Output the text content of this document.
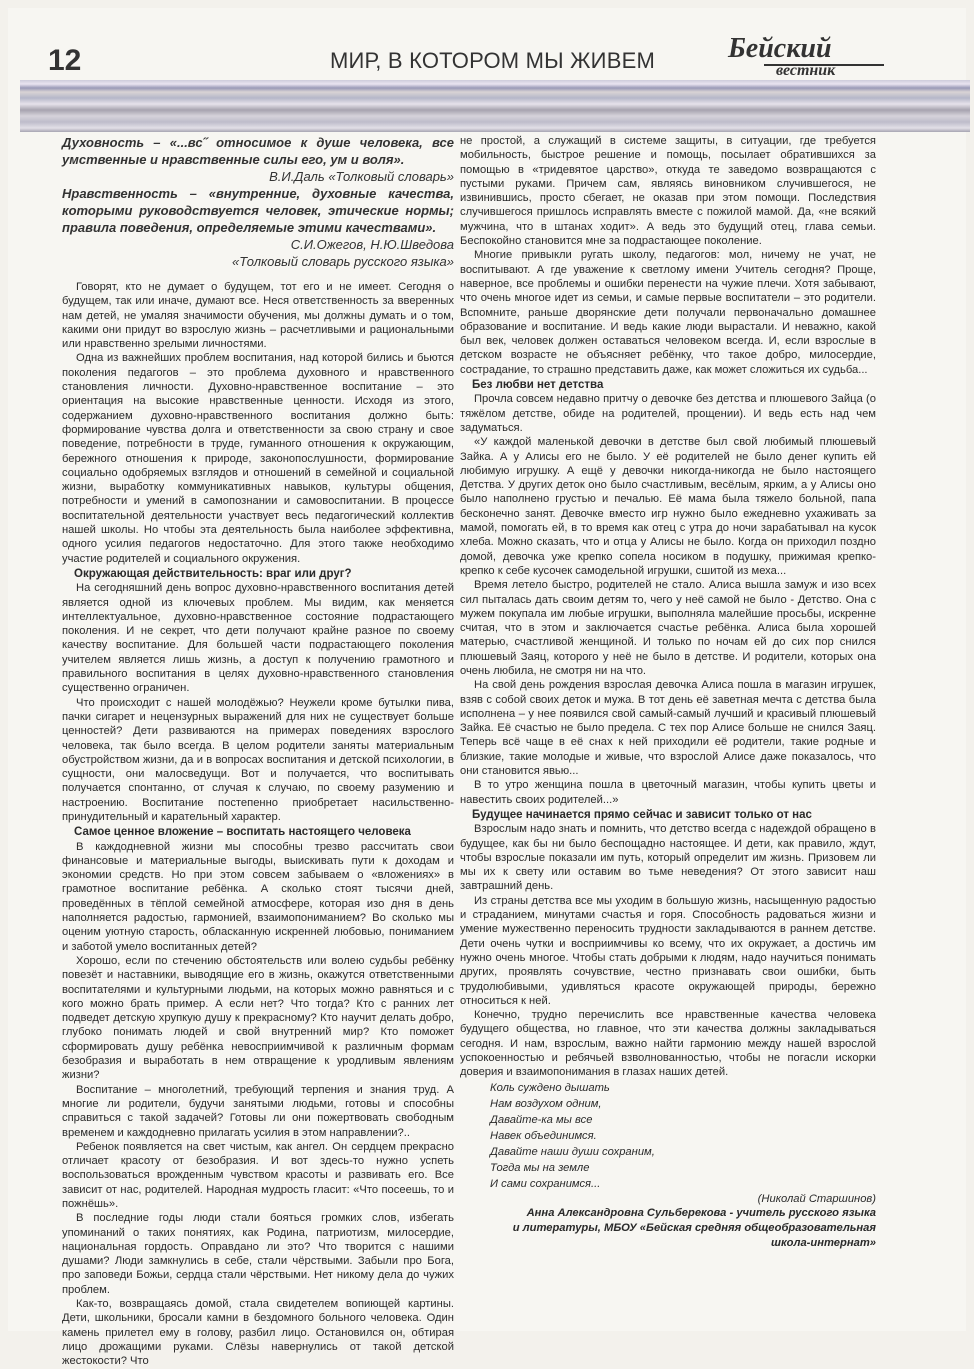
12	МИР, В КОТОРОМ МЫ ЖИВЕМ	Бейский
вестник
Духовность – «...вс˝ относимое к душе человека, все умственные и нравственные силы его, ум и воля».
В.И.Даль «Толковый словарь»
Нравственность – «внутренние, духовные качества, которыми руководствуется человек, этические нормы; правила поведения, определяемые этими качествами».
С.И.Ожегов, Н.Ю.Шведова
«Толковый словарь русского языка»

Говорят, кто не думает о будущем, тот его и не имеет. Сегодня о будущем, так или иначе, думают все. Неся ответственность за вверенных нам детей, не умаляя значимости обучения, мы должны думать и о том, какими они придут во взрослую жизнь – расчетливыми и рациональными или нравственно зрелыми личностями.

Одна из важнейших проблем воспитания, над которой бились и бьются поколения педагогов – это проблема духовного и нравственного становления личности. Духовно-нравственное воспитание – это ориентация на высокие нравственные ценности. Исходя из этого, содержанием духовно-нравственного воспитания должно быть: формирование чувства долга и ответственности за свою страну и свое поведение, потребности в труде, гуманного отношения к окружающим, бережного отношения к природе, законопослушности, формирование социально одобряемых взглядов и отношений в семейной и социальной жизни, выработку коммуникативных навыков, культуры общения, потребности и умений в самопознании и самовоспитании. В процессе воспитательной деятельности участвует весь педагогический коллектив нашей школы. Но чтобы эта деятельность была наиболее эффективна, одного усилия педагогов недостаточно. Для этого также необходимо участие родителей и социального окружения.

Окружающая действительность: враг или друг?

На сегодняшний день вопрос духовно-нравственного воспитания детей является одной из ключевых проблем. Мы видим, как меняется интеллектуальное, духовно-нравственное состояние подрастающего поколения. И не секрет, что дети получают крайне разное по своему качеству воспитание. Для большей части подрастающего поколения учителем является лишь жизнь, а доступ к получению грамотного и правильного воспитания в целях духовно-нравственного становления существенно ограничен.

Что происходит с нашей молодёжью? Неужели кроме бутылки пива, пачки сигарет и нецензурных выражений для них не существует больше ценностей? Дети развиваются на примерах поведениях взрослого человека, так было всегда. В целом родители заняты материальным обустройством жизни, да и в вопросах воспитания и детской психологии, в сущности, они малосведущи. Вот и получается, что воспитывать получается спонтанно, от случая к случаю, по своему разумению и настроению. Воспитание постепенно приобретает насильственно-принудительный и карательный характер.

Самое ценное вложение – воспитать настоящего человека

В каждодневной жизни мы способны трезво рассчитать свои финансовые и материальные выгоды, выискивать пути к доходам и экономии средств. Но при этом совсем забываем о «вложениях» в грамотное воспитание ребёнка. А сколько стоят тысячи дней, проведённых в тёплой семейной атмосфере, которая изо дня в день наполняется радостью, гармонией, взаимопониманием? Во сколько мы оценим уютную старость, обласканную искренней любовью, пониманием и заботой умело воспитанных детей?

Хорошо, если по стечению обстоятельств или волею судьбы ребёнку повезёт и наставники, выводящие его в жизнь, окажутся ответственными воспитателями и культурными людьми, на которых можно равняться и с кого можно брать пример. А если нет? Что тогда? Кто с ранних лет подведет детскую хрупкую душу к прекрасному? Кто научит делать добро, глубоко понимать людей и свой внутренний мир? Кто поможет сформировать душу ребёнка невосприимчивой к различным формам безобразия и выработать в нем отвращение к уродливым явлениям жизни?

Воспитание – многолетний, требующий терпения и знания труд. А многие ли родители, будучи занятыми людьми, готовы и способны справиться с такой задачей? Готовы ли они пожертвовать свободным временем и каждодневно прилагать усилия в этом направлении?..

Ребенок появляется на свет чистым, как ангел. Он сердцем прекрасно отличает красоту от безобразия. И вот здесь-то нужно успеть воспользоваться врожденным чувством красоты и развивать его. Все зависит от нас, родителей. Народная мудрость гласит: «Что посеешь, то и пожнёшь».

В последние годы люди стали бояться громких слов, избегать упоминаний о таких понятиях, как Родина, патриотизм, милосердие, национальная гордость. Оправдано ли это? Что творится с нашими душами? Люди замкнулись в себе, стали чёрствыми. Забыли про Бога, про заповеди Божьи, сердца стали чёрствыми. Нет никому дела до чужих проблем.

Как-то, возвращаясь домой, стала свидетелем вопиющей картины. Дети, школьники, бросали камни в бездомного больного человека. Один камень прилетел ему в голову, разбил лицо. Остановился он, обтирая лицо дрожащими руками. Слёзы навернулись от такой детской жестокости? Что

не простой, а служащий в системе защиты, в ситуации, где требуется мобильность, быстрое решение и помощь, посылает обратившихся за помощью в «тридевятое царство», откуда те заведомо возвращаются с пустыми руками. Причем сам, являясь виновником случившегося, не извинившись, просто сбегает, не оказав при этом помощи. Последствия случившегося пришлось исправлять вместе с пожилой мамой. Да, «не всякий мужчина, что в штанах ходит». А ведь это будущий отец, глава семьи. Беспокойно становится мне за подрастающее поколение.

Многие привыкли ругать школу, педагогов: мол, ничему не учат, не воспитывают. А где уважение к светлому имени Учитель сегодня? Проще, наверное, все проблемы и ошибки перенести на чужие плечи. Хотя забывают, что очень многое идет из семьи, и самые первые воспитатели – это родители. Вспомните, раньше дворянские дети получали первоначально домашнее образование и воспитание. И ведь какие люди вырастали. И неважно, какой был век, человек должен оставаться человеком всегда. И, если взрослые в детском возрасте не объясняет ребёнку, что такое добро, милосердие, сострадание, то страшно представить даже, как может сложиться их судьба...

Без любви нет детства

Прочла совсем недавно притчу о девочке без детства и плюшевого Зайца (о тяжёлом детстве, обиде на родителей, прощении). И ведь есть над чем задуматься.

«У каждой маленькой девочки в детстве был свой любимый плюшевый Зайка. А у Алисы его не было. У её родителей не было денег купить ей любимую игрушку. А ещё у девочки никогда-никогда не было настоящего Детства. У других деток оно было счастливым, весёлым, ярким, а у Алисы оно было наполнено грустью и печалью. Её мама была тяжело больной, папа бесконечно занят. Девочке вместо игр нужно было ежедневно ухаживать за мамой, помогать ей, в то время как отец с утра до ночи зарабатывал на кусок хлеба. Можно сказать, что и отца у Алисы не было. Когда он приходил поздно домой, девочка уже крепко сопела носиком в подушку, прижимая крепко-крепко к себе кусочек самодельной игрушки, сшитой из меха...

Время летело быстро, родителей не стало. Алиса вышла замуж и изо всех сил пыталась дать своим детям то, чего у неё самой не было - Детство. Она с мужем покупала им любые игрушки, выполняла малейшие просьбы, искренне считая, что в этом и заключается счастье ребёнка. Алиса была хорошей матерью, счастливой женщиной. И только по ночам ей до сих пор снился плюшевый Заяц, которого у неё не было в детстве. И родители, которых она очень любила, не смотря ни на что.

На свой день рождения взрослая девочка Алиса пошла в магазин игрушек, взяв с собой своих деток и мужа. В тот день её заветная мечта с детства была исполнена – у нее появился свой самый-самый лучший и красивый плюшевый Зайка. Её счастью не было предела. С тех пор Алисе больше не снился Заяц. Теперь всё чаще в её снах к ней приходили её родители, такие родные и близкие, такие молодые и живые, что взрослой Алисе даже показалось, что они становится явью...

В то утро женщина пошла в цветочный магазин, чтобы купить цветы и навестить своих родителей...»

Будущее начинается прямо сейчас и зависит только от нас

Взрослым надо знать и помнить, что детство всегда с надеждой обращено в будущее, как бы ни было беспощадно настоящее. И дети, как правило, ждут, чтобы взрослые показали им путь, который определит им жизнь. Призовем ли мы их к свету или оставим во тьме неведения? От этого зависит наш завтрашний день.

Из страны детства все мы уходим в большую жизнь, насыщенную радостью и страданием, минутами счастья и горя. Способность радоваться жизни и умение мужественно переносить трудности закладываются в раннем детстве. Дети очень чутки и восприимчивы ко всему, что их окружает, а достичь им нужно очень многое. Чтобы стать добрыми к людям, надо научиться понимать других, проявлять сочувствие, честно признавать свои ошибки, быть трудолюбивыми, удивляться красоте окружающей природы, бережно относиться к ней.

Конечно, трудно перечислить все нравственные качества человека будущего общества, но главное, что эти качества должны закладываться сегодня. И нам, взрослым, важно найти гармонию между нашей взрослой успокоенностью и ребячьей взволнованностью, чтобы не погасли искорки доверия и взаимопонимания в глазах наших детей.

Коль суждено дышать
Нам воздухом одним,
Давайте-ка мы все
Навек объединимся.
Давайте наши души сохраним,
Тогда мы на земле
И сами сохранимся...
(Николай Старшинов)
Анна Александровна Сульберекова - учитель русского языка
и литературы, МБОУ «Бейская средняя общеобразовательная
школа-интернат»
